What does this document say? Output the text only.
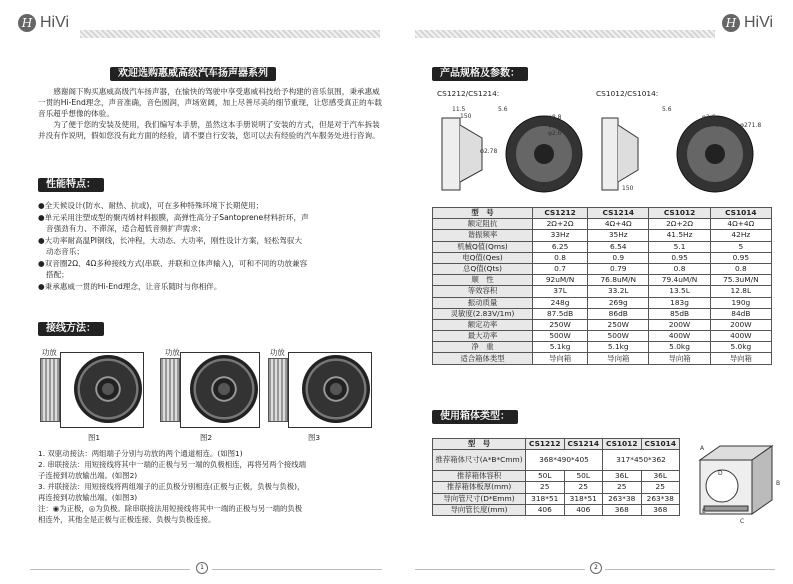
H HiVi
欢迎选购惠威高级汽车扬声器系列

感谢阁下购买惠威高级汽车扬声器，在愉快的驾驶中享受惠威科技给予构建的音乐氛围，秉承惠威一贯的Hi-End理念，声音准确，音色圆润，声场宽阔，加上尽善尽美的细节重现，让您感受真正的车载音乐超乎想像的体验。

为了便于您的安装及使用，我们编写本手册，虽然这本手册说明了安装的方式，但是对于汽车拆装并没有作说明，假如您没有此方面的经验，请不要自行安装，您可以去有经验的汽车服务处进行咨询。

性能特点：
●全天候设计(防水、耐热、抗或)，可在多种特殊环境下长期使用；
●单元采用注塑成型的聚丙烯材料振膜，高弹性高分子Santoprene材料折环，声
音强劲有力、不滞深，适合超低音频扩声需求；
●大功率耐高温PI铜线，长冲程，大动态、大功率，刚性设计方案，轻松驾驭大
动态音乐；
●双音圈2Ω、4Ω多种接线方式(串联、并联和立体声输入)，可和不同的功放兼容
搭配；
●秉承惠威一贯的Hi-End理念，让音乐随时与你相伴。
接线方法：
功放
图1
功放
图2
功放
图3
1. 双驱动接法：两组端子分别与功放的两个通道相连。(如图1)
2. 串联接法：用短接线将其中一端的正极与另一端的负极相连，再将另两个接线端
子连接到功放输出端。(如图2)
3. 并联接法：用短接线将两组端子的正负极分别相连(正极与正极，负极与负极)，
再连接到功放输出端。(如图3)
注：◉为正极，◎为负极。除串联接法用短接线将其中一端的正极与另一端的负极
相连外，其他全是正极与正极连接、负极与负极连接。
1
H HiVi
产品规格及参数：
CS1212/CS1214:	CS1012/CS1014:
11.5
150
5.6
φ8.8
φ2.8
φ2.6
φ2.78
150
5.6
φ2.6
φ2.78	φ271.8
型　号	CS1212	CS1214	CS1012	CS1014
额定阻抗	2Ω+2Ω	4Ω+4Ω	2Ω+2Ω	4Ω+4Ω
谐振频率	33Hz	35Hz	41.5Hz	42Hz
机械Q值(Qms)	6.25	6.54	5.1	5
电Q值(Qes)	0.8	0.9	0.95	0.95
总Q值(Qts)	0.7	0.79	0.8	0.8
顺　性	92uM/N	76.8uM/N	79.4uM/N	75.3uM/N
等效容积	37L	33.2L	13.5L	12.8L
振动质量	248g	269g	183g	190g
灵敏度(2.83V/1m)	87.5dB	86dB	85dB	84dB
额定功率	250W	250W	200W	200W
最大功率	500W	500W	400W	400W
净　重	5.1kg	5.1kg	5.0kg	5.0kg
适合箱体类型	导向箱	导向箱	导向箱	导向箱
使用箱体类型：
型　号	CS1212	CS1214	CS1012	CS1014
推荐箱体尺寸(A*B*Cmm)	368*490*405		317*450*362	
推荐箱体容积	50L	50L	36L	36L
推荐箱体板厚(mm)	25	25	25	25
导向管尺寸(D*Emm)	318*51	318*51	263*38	263*38
导向管长度(mm)	406	406	368	368
A
B
C
D
E
2
